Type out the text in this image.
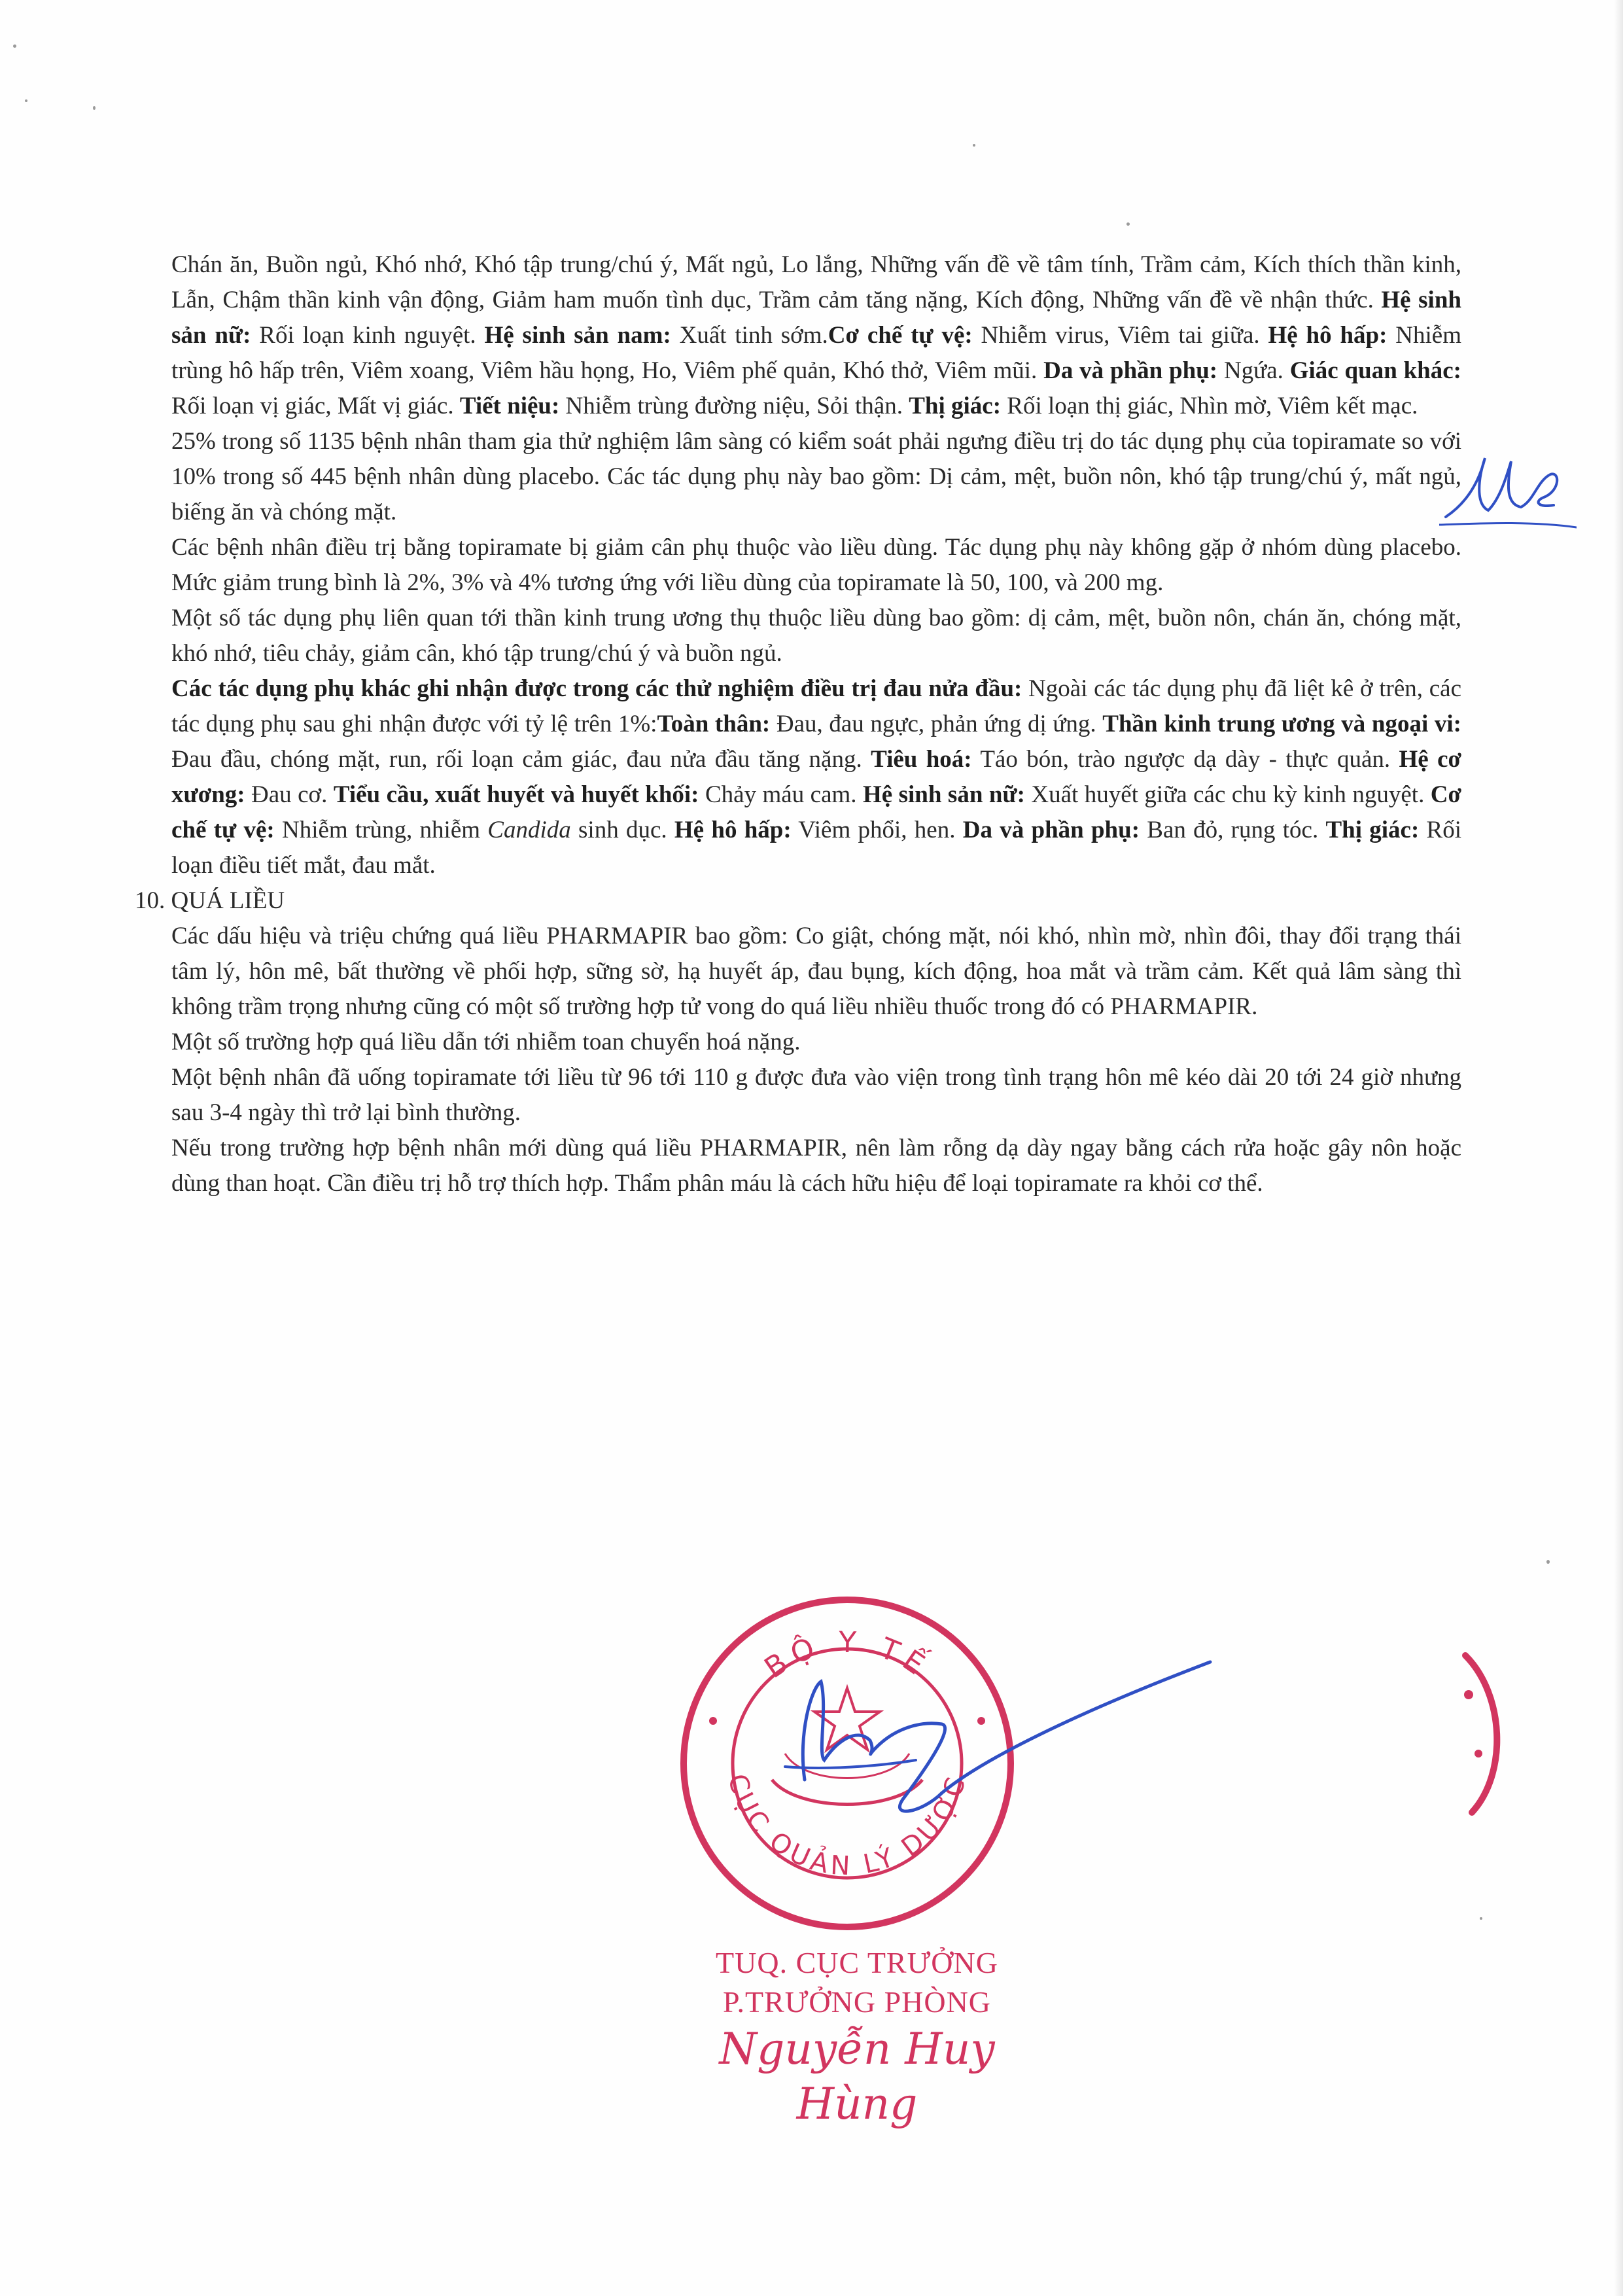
Chán ăn, Buồn ngủ, Khó nhớ, Khó tập trung/chú ý, Mất ngủ, Lo lắng, Những vấn đề về tâm tính, Trầm cảm, Kích thích thần kinh, Lẫn, Chậm thần kinh vận động, Giảm ham muốn tình dục, Trầm cảm tăng nặng, Kích động, Những vấn đề về nhận thức. Hệ sinh sản nữ: Rối loạn kinh nguyệt. Hệ sinh sản nam: Xuất tinh sớm.Cơ chế tự vệ: Nhiễm virus, Viêm tai giữa. Hệ hô hấp: Nhiễm trùng hô hấp trên, Viêm xoang, Viêm hầu họng, Ho, Viêm phế quản, Khó thở, Viêm mũi. Da và phần phụ: Ngứa. Giác quan khác: Rối loạn vị giác, Mất vị giác. Tiết niệu: Nhiễm trùng đường niệu, Sỏi thận. Thị giác: Rối loạn thị giác, Nhìn mờ, Viêm kết mạc.

25% trong số 1135 bệnh nhân tham gia thử nghiệm lâm sàng có kiểm soát phải ngưng điều trị do tác dụng phụ của topiramate so với 10% trong số 445 bệnh nhân dùng placebo. Các tác dụng phụ này bao gồm: Dị cảm, mệt, buồn nôn, khó tập trung/chú ý, mất ngủ, biếng ăn và chóng mặt.

Các bệnh nhân điều trị bằng topiramate bị giảm cân phụ thuộc vào liều dùng. Tác dụng phụ này không gặp ở nhóm dùng placebo. Mức giảm trung bình là 2%, 3% và 4% tương ứng với liều dùng của topiramate là 50, 100, và 200 mg.

Một số tác dụng phụ liên quan tới thần kinh trung ương thụ thuộc liều dùng bao gồm: dị cảm, mệt, buồn nôn, chán ăn, chóng mặt, khó nhớ, tiêu chảy, giảm cân, khó tập trung/chú ý và buồn ngủ.

Các tác dụng phụ khác ghi nhận được trong các thử nghiệm điều trị đau nửa đầu: Ngoài các tác dụng phụ đã liệt kê ở trên, các tác dụng phụ sau ghi nhận được với tỷ lệ trên 1%:Toàn thân: Đau, đau ngực, phản ứng dị ứng. Thần kinh trung ương và ngoại vi: Đau đầu, chóng mặt, run, rối loạn cảm giác, đau nửa đầu tăng nặng. Tiêu hoá: Táo bón, trào ngược dạ dày - thực quản. Hệ cơ xương: Đau cơ. Tiểu cầu, xuất huyết và huyết khối: Chảy máu cam. Hệ sinh sản nữ: Xuất huyết giữa các chu kỳ kinh nguyệt. Cơ chế tự vệ: Nhiễm trùng, nhiễm Candida sinh dục. Hệ hô hấp: Viêm phổi, hen. Da và phần phụ: Ban đỏ, rụng tóc. Thị giác: Rối loạn điều tiết mắt, đau mắt.

10. QUÁ LIỀU

Các dấu hiệu và triệu chứng quá liều PHARMAPIR bao gồm: Co giật, chóng mặt, nói khó, nhìn mờ, nhìn đôi, thay đổi trạng thái tâm lý, hôn mê, bất thường về phối hợp, sững sờ, hạ huyết áp, đau bụng, kích động, hoa mắt và trầm cảm. Kết quả lâm sàng thì không trầm trọng nhưng cũng có một số trường hợp tử vong do quá liều nhiều thuốc trong đó có PHARMAPIR.

Một số trường hợp quá liều dẫn tới nhiễm toan chuyển hoá nặng.

Một bệnh nhân đã uống topiramate tới liều từ 96 tới 110 g được đưa vào viện trong tình trạng hôn mê kéo dài 20 tới 24 giờ nhưng sau 3-4 ngày thì trở lại bình thường.

Nếu trong trường hợp bệnh nhân mới dùng quá liều PHARMAPIR, nên làm rỗng dạ dày ngay bằng cách rửa hoặc gây nôn hoặc dùng than hoạt. Cần điều trị hỗ trợ thích hợp. Thẩm phân máu là cách hữu hiệu để loại topiramate ra khỏi cơ thể.

BỘ Y TẾ
CỤC QUẢN LÝ DƯỢC
TUQ. CỤC TRƯỞNG
P.TRƯỞNG PHÒNG
Nguyễn Huy Hùng
